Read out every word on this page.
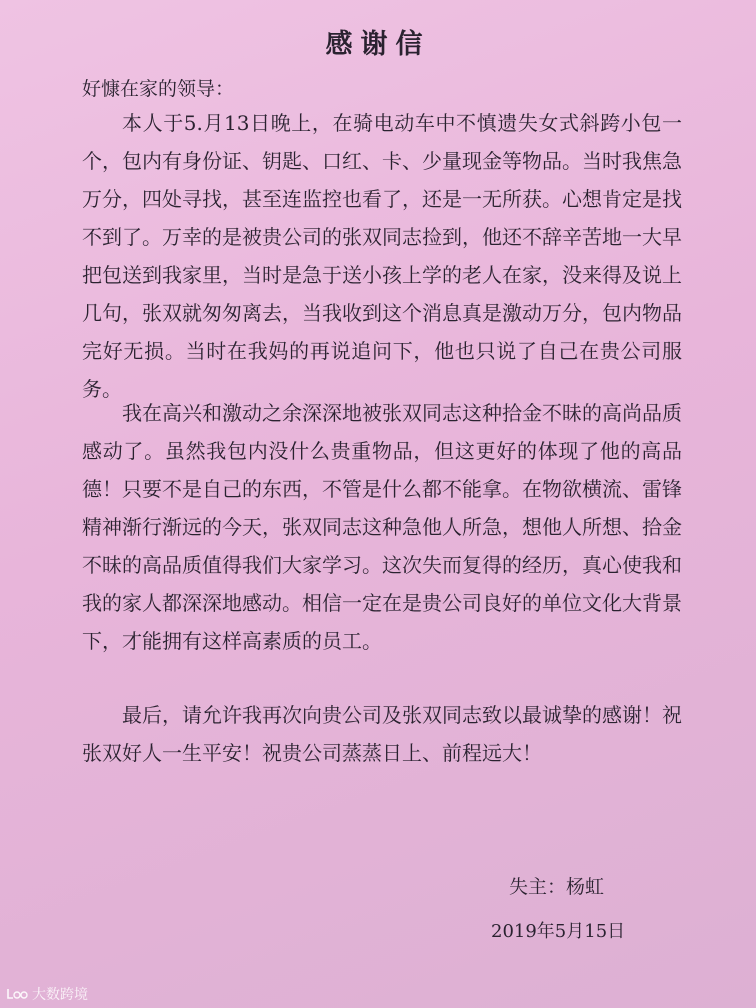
感谢信
好慷在家的领导：
本人于5.月13日晚上，在骑电动车中不慎遗失女式斜跨小包一个，包内有身份证、钥匙、口红、卡、少量现金等物品。当时我焦急万分，四处寻找，甚至连监控也看了，还是一无所获。心想肯定是找不到了。万幸的是被贵公司的张双同志捡到，他还不辞辛苦地一大早把包送到我家里，当时是急于送小孩上学的老人在家，没来得及说上几句，张双就匆匆离去，当我收到这个消息真是激动万分，包内物品完好无损。当时在我妈的再说追问下，他也只说了自己在贵公司服务。
我在高兴和激动之余深深地被张双同志这种拾金不昧的高尚品质感动了。虽然我包内没什么贵重物品，但这更好的体现了他的高品德！只要不是自己的东西，不管是什么都不能拿。在物欲横流、雷锋精神渐行渐远的今天，张双同志这种急他人所急，想他人所想、拾金不昧的高品质值得我们大家学习。这次失而复得的经历，真心使我和我的家人都深深地感动。相信一定在是贵公司良好的单位文化大背景下，才能拥有这样高素质的员工。
最后，请允许我再次向贵公司及张双同志致以最诚挚的感谢！祝张双好人一生平安！祝贵公司蒸蒸日上、前程远大！
失主：杨虹
2019年5月15日
大数跨境
